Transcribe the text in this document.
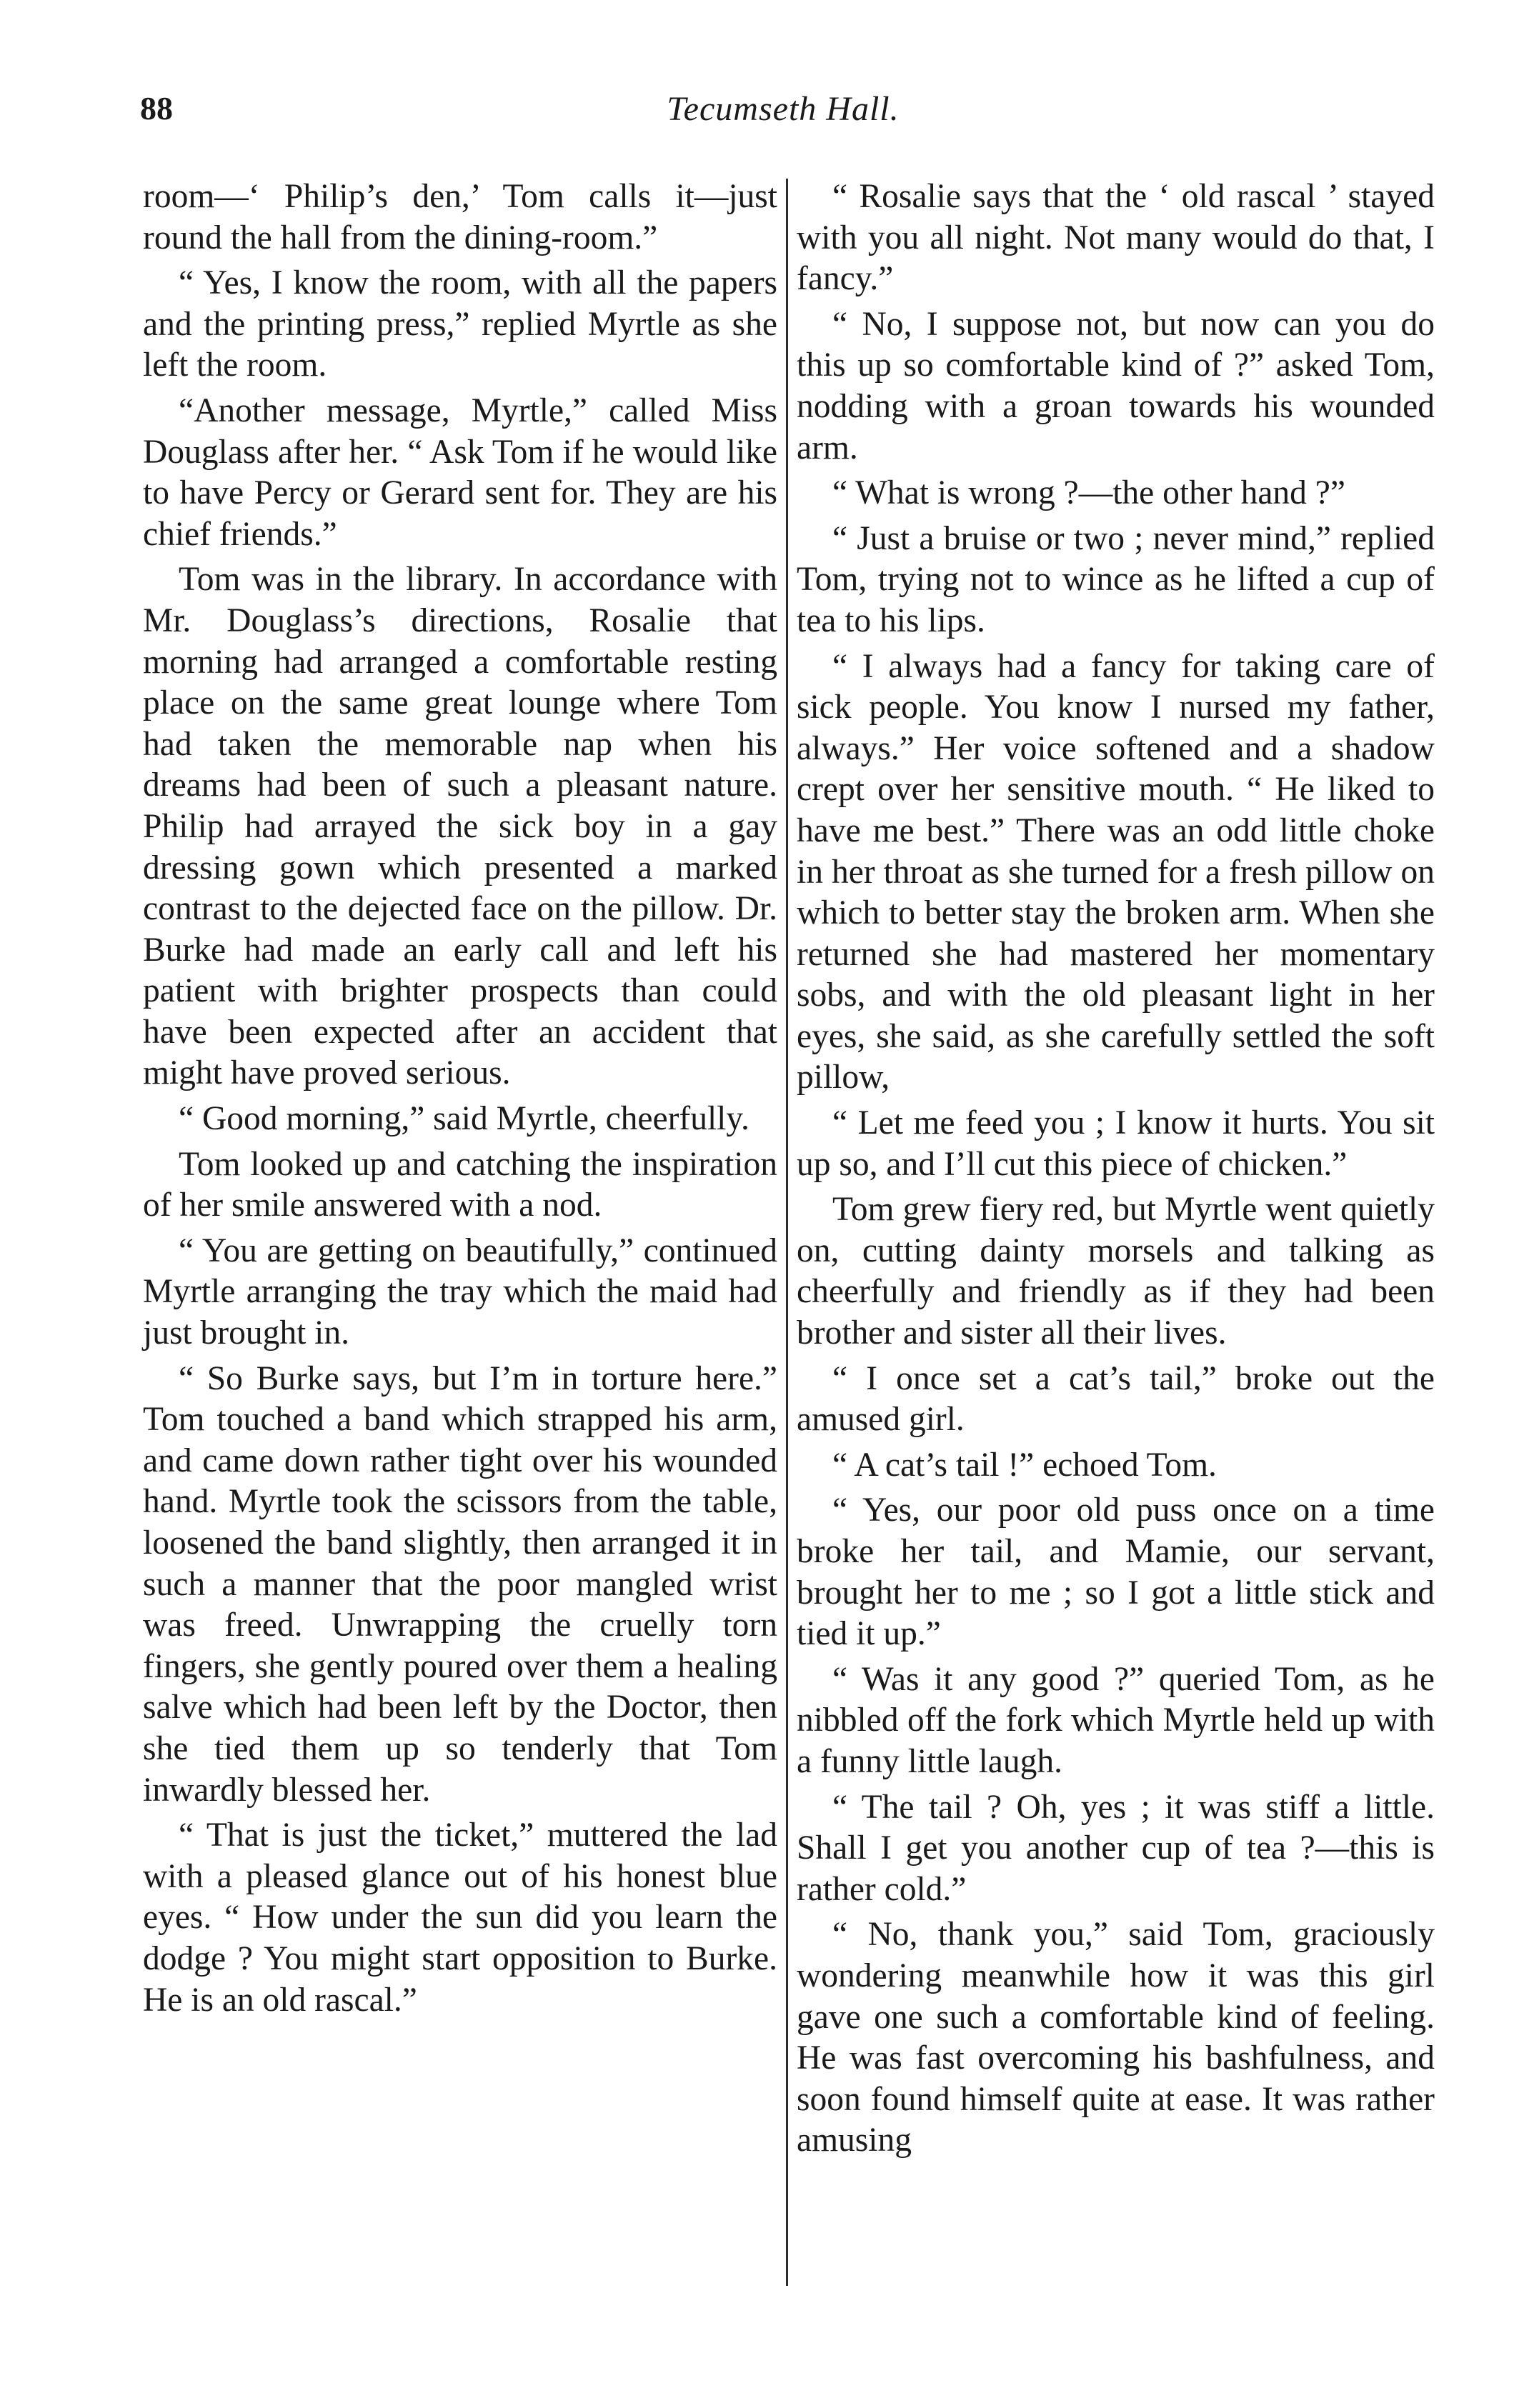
88	Tecumseth Hall.

room—‘ Philip’s den,’ Tom calls it—just round the hall from the dining-room.”

“ Yes, I know the room, with all the papers and the printing press,” replied Myrtle as she left the room.

“Another message, Myrtle,” called Miss Douglass after her. “ Ask Tom if he would like to have Percy or Gerard sent for. They are his chief friends.”

Tom was in the library. In accordance with Mr. Douglass’s directions, Rosalie that morning had arranged a comfortable resting place on the same great lounge where Tom had taken the memorable nap when his dreams had been of such a pleasant nature. Philip had arrayed the sick boy in a gay dressing gown which presented a marked contrast to the dejected face on the pillow. Dr. Burke had made an early call and left his patient with brighter prospects than could have been expected after an accident that might have proved serious.

“ Good morning,” said Myrtle, cheerfully.

Tom looked up and catching the inspiration of her smile answered with a nod.

“ You are getting on beautifully,” continued Myrtle arranging the tray which the maid had just brought in.

“ So Burke says, but I’m in torture here.” Tom touched a band which strapped his arm, and came down rather tight over his wounded hand. Myrtle took the scissors from the table, loosened the band slightly, then arranged it in such a manner that the poor mangled wrist was freed. Unwrapping the cruelly torn fingers, she gently poured over them a healing salve which had been left by the Doctor, then she tied them up so tenderly that Tom inwardly blessed her.

“ That is just the ticket,” muttered the lad with a pleased glance out of his honest blue eyes. “ How under the sun did you learn the dodge ? You might start opposition to Burke. He is an old rascal.”

“ Rosalie says that the ‘ old rascal ’ stayed with you all night. Not many would do that, I fancy.”

“ No, I suppose not, but now can you do this up so comfortable kind of ?” asked Tom, nodding with a groan towards his wounded arm.

“ What is wrong ?—the other hand ?”

“ Just a bruise or two ; never mind,” replied Tom, trying not to wince as he lifted a cup of tea to his lips.

“ I always had a fancy for taking care of sick people. You know I nursed my father, always.” Her voice softened and a shadow crept over her sensitive mouth. “ He liked to have me best.” There was an odd little choke in her throat as she turned for a fresh pillow on which to better stay the broken arm. When she returned she had mastered her momentary sobs, and with the old pleasant light in her eyes, she said, as she carefully settled the soft pillow,

“ Let me feed you ; I know it hurts. You sit up so, and I’ll cut this piece of chicken.”

Tom grew fiery red, but Myrtle went quietly on, cutting dainty morsels and talking as cheerfully and friendly as if they had been brother and sister all their lives.

“ I once set a cat’s tail,” broke out the amused girl.

“ A cat’s tail !” echoed Tom.

“ Yes, our poor old puss once on a time broke her tail, and Mamie, our servant, brought her to me ; so I got a little stick and tied it up.”

“ Was it any good ?” queried Tom, as he nibbled off the fork which Myrtle held up with a funny little laugh.

“ The tail ? Oh, yes ; it was stiff a little. Shall I get you another cup of tea ?—this is rather cold.”

“ No, thank you,” said Tom, graciously wondering meanwhile how it was this girl gave one such a comfortable kind of feeling. He was fast overcoming his bashfulness, and soon found himself quite at ease. It was rather amusing
